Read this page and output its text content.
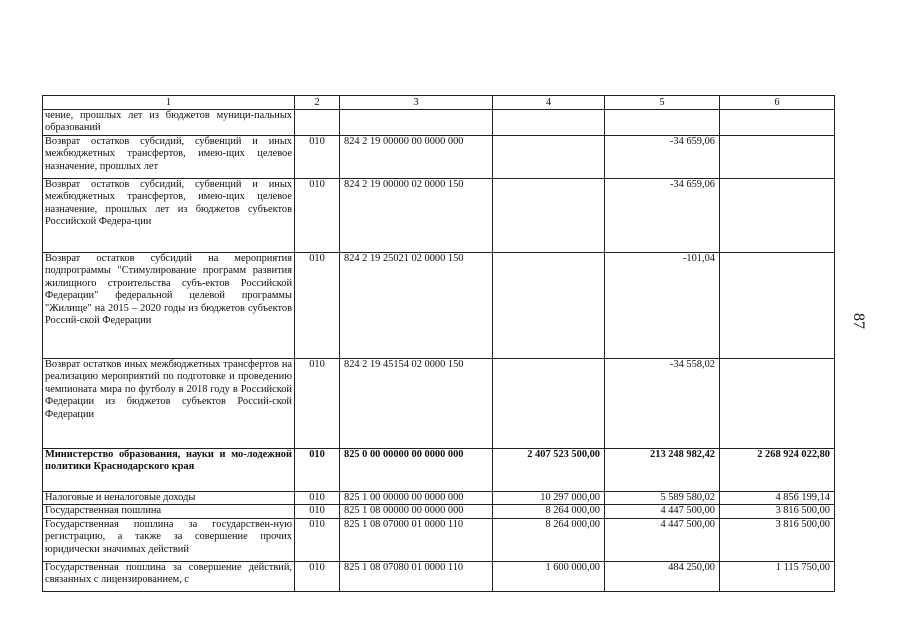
87
1	2	3	4	5	6
чение, прошлых лет из бюджетов муници-пальных образований					
Возврат остатков субсидий, субвенций и иных межбюджетных трансфертов, имею-щих целевое назначение, прошлых лет	010	824 2 19 00000 00 0000 000		-34 659,06	
Возврат остатков субсидий, субвенций и иных межбюджетных трансфертов, имею-щих целевое назначение, прошлых лет из бюджетов субъектов Российской Федера-ции	010	824 2 19 00000 02 0000 150		-34 659,06	
Возврат остатков субсидий на мероприятия подпрограммы "Стимулирование программ развития жилищного строительства субъ-ектов Российской Федерации" федеральной целевой программы "Жилище" на 2015 – 2020 годы из бюджетов субъектов Россий-ской Федерации	010	824 2 19 25021 02 0000 150		-101,04	
Возврат остатков иных межбюджетных трансфертов на реализацию мероприятий по подготовке и проведению чемпионата мира по футболу в 2018 году в Российской Федерации из бюджетов субъектов Россий-ской Федерации	010	824 2 19 45154 02 0000 150		-34 558,02	
Министерство образования, науки и мо-лодежной политики Краснодарского края	010	825 0 00 00000 00 0000 000	2 407 523 500,00	213 248 982,42	2 268 924 022,80
Налоговые и неналоговые доходы	010	825 1 00 00000 00 0000 000	10 297 000,00	5 589 580,02	4 856 199,14
Государственная пошлина	010	825 1 08 00000 00 0000 000	8 264 000,00	4 447 500,00	3 816 500,00
Государственная пошлина за государствен-ную регистрацию, а также за совершение прочих юридически значимых действий	010	825 1 08 07000 01 0000 110	8 264 000,00	4 447 500,00	3 816 500,00
Государственная пошлина за совершение действий, связанных с лицензированием, с	010	825 1 08 07080 01 0000 110	1 600 000,00	484 250,00	1 115 750,00
